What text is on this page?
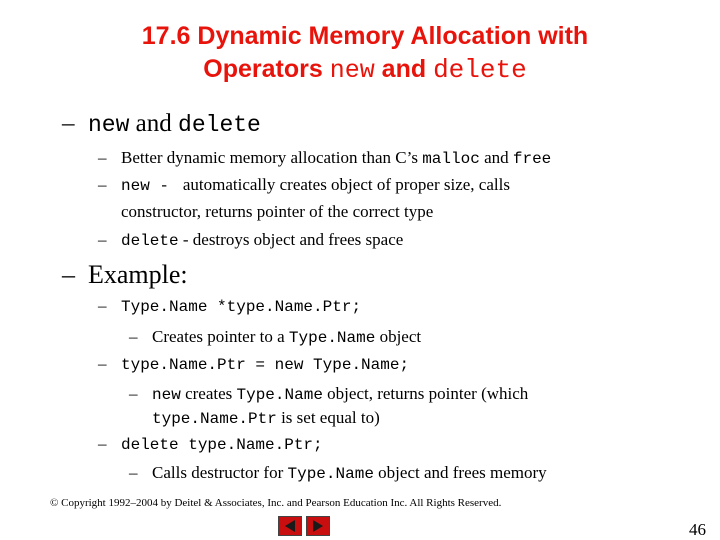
17.6 Dynamic Memory Allocation with
Operators new and delete
– new and delete
– Better dynamic memory allocation than C’s malloc and free
– new -  automatically creates object of proper size, calls
constructor, returns pointer of the correct type
– delete - destroys object and frees space
– Example:
– Type.Name *type.Name.Ptr;
– Creates pointer to a Type.Name object
– type.Name.Ptr = new Type.Name;
– new creates Type.Name object, returns pointer (which
type.Name.Ptr is set equal to)
– delete type.Name.Ptr;
– Calls destructor for Type.Name object and frees memory
© Copyright 1992–2004 by Deitel & Associates, Inc. and Pearson Education Inc. All Rights Reserved.
46
